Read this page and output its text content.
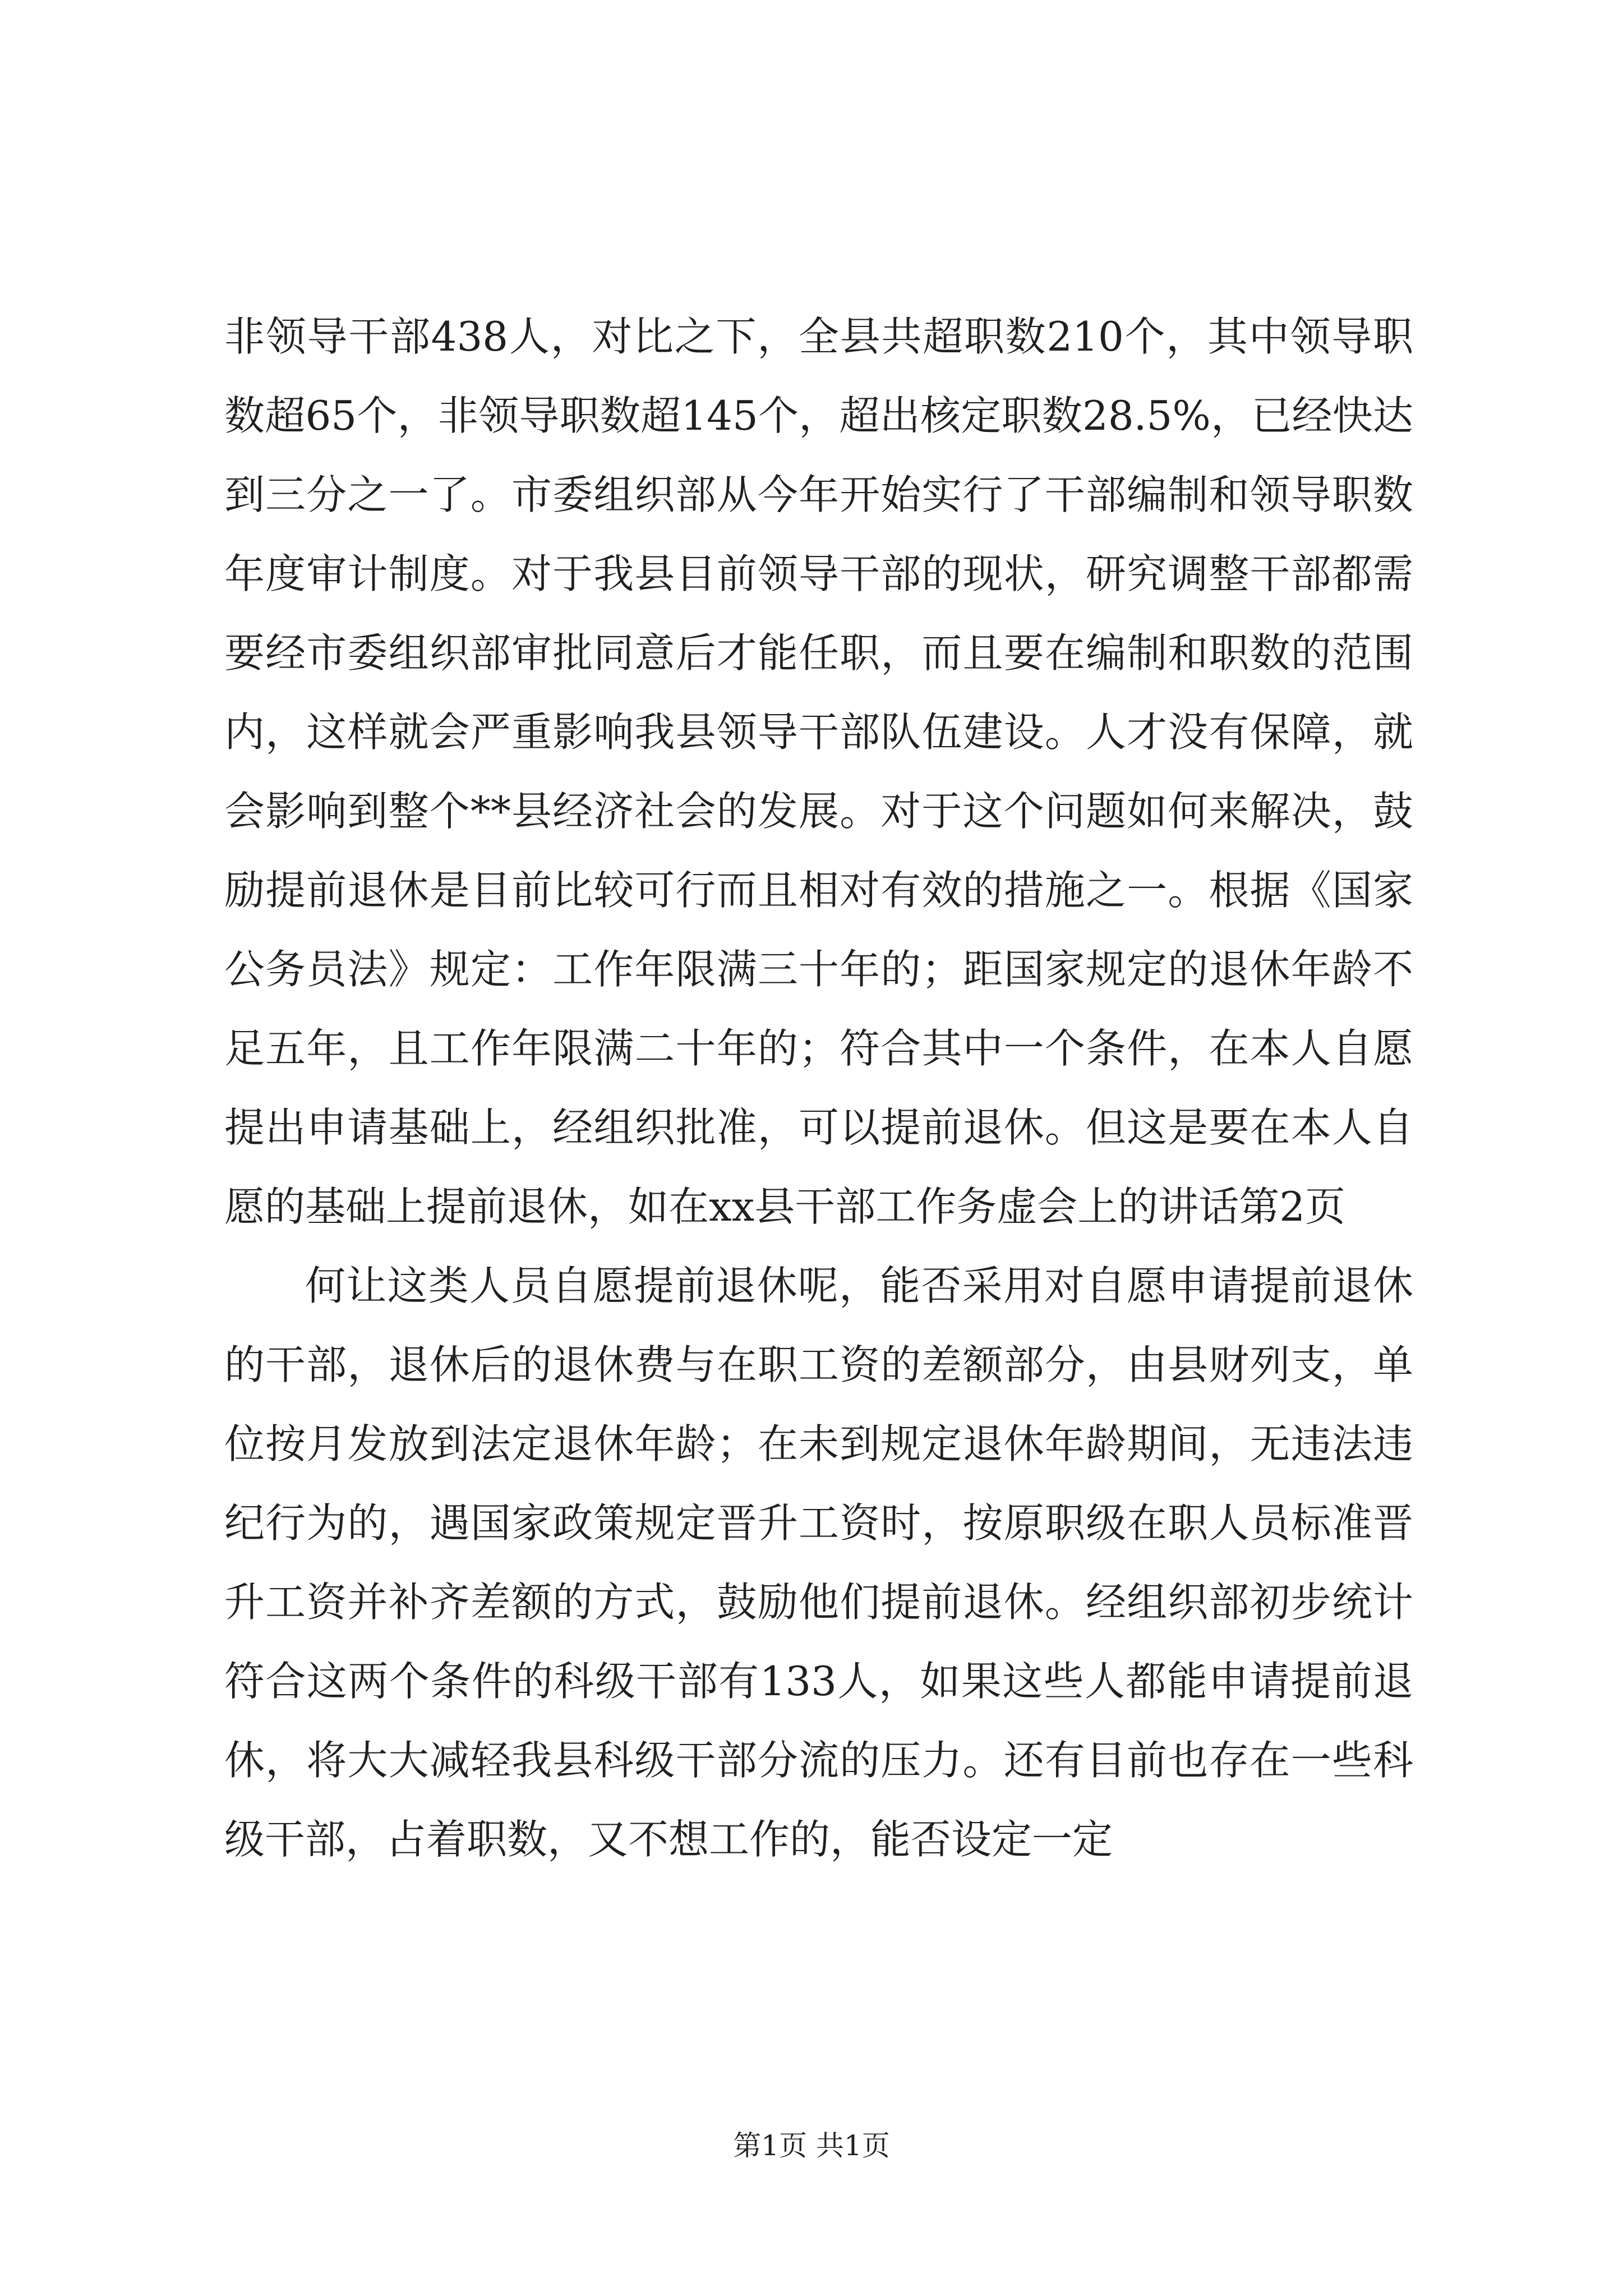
非领导干部438人，对比之下，全县共超职数210个，其中领导职数超65个，非领导职数超145个，超出核定职数28.5%，已经快达到三分之一了。市委组织部从今年开始实行了干部编制和领导职数年度审计制度。对于我县目前领导干部的现状，研究调整干部都需要经市委组织部审批同意后才能任职，而且要在编制和职数的范围内，这样就会严重影响我县领导干部队伍建设。人才没有保障，就会影响到整个**县经济社会的发展。对于这个问题如何来解决，鼓励提前退休是目前比较可行而且相对有效的措施之一。根据《国家公务员法》规定：工作年限满三十年的；距国家规定的退休年龄不足五年，且工作年限满二十年的；符合其中一个条件，在本人自愿提出申请基础上，经组织批准，可以提前退休。但这是要在本人自愿的基础上提前退休，如在xx县干部工作务虚会上的讲话第2页

何让这类人员自愿提前退休呢，能否采用对自愿申请提前退休的干部，退休后的退休费与在职工资的差额部分，由县财列支，单位按月发放到法定退休年龄；在未到规定退休年龄期间，无违法违纪行为的，遇国家政策规定晋升工资时，按原职级在职人员标准晋升工资并补齐差额的方式，鼓励他们提前退休。经组织部初步统计符合这两个条件的科级干部有133人，如果这些人都能申请提前退休，将大大减轻我县科级干部分流的压力。还有目前也存在一些科级干部，占着职数，又不想工作的，能否设定一定

第1页 共1页
